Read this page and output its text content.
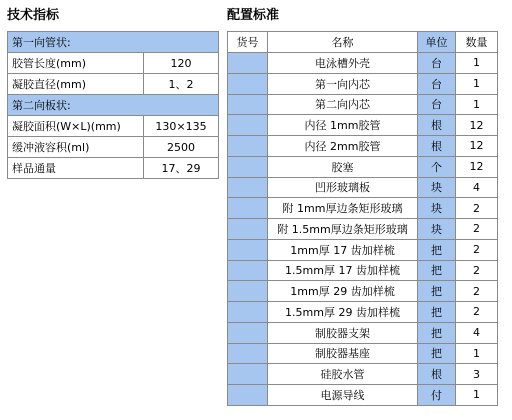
技术指标
第一向管状:	
胶管长度(mm)	120
凝胶直径(mm)	1、2
第二向板状:	
凝胶面积(W×L)(mm)	130×135
缓冲液容积(ml)	2500
样品通量	17、29
配置标准
货号	名称	单位	数量
	电泳槽外壳	台	1
	第一向内芯	台	1
	第二向内芯	台	1
	内径 1mm胶管	根	12
	内径 2mm胶管	根	12
	胶塞	个	12
	凹形玻璃板	块	4
	附 1mm厚边条矩形玻璃	块	2
	附 1.5mm厚边条矩形玻璃	块	2
	1mm厚 17 齿加样梳	把	2
	1.5mm厚 17 齿加样梳	把	2
	1mm厚 29 齿加样梳	把	2
	1.5mm厚 29 齿加样梳	把	2
	制胶器支架	把	4
	制胶器基座	把	1
	硅胶水管	根	3
	电源导线	付	1
